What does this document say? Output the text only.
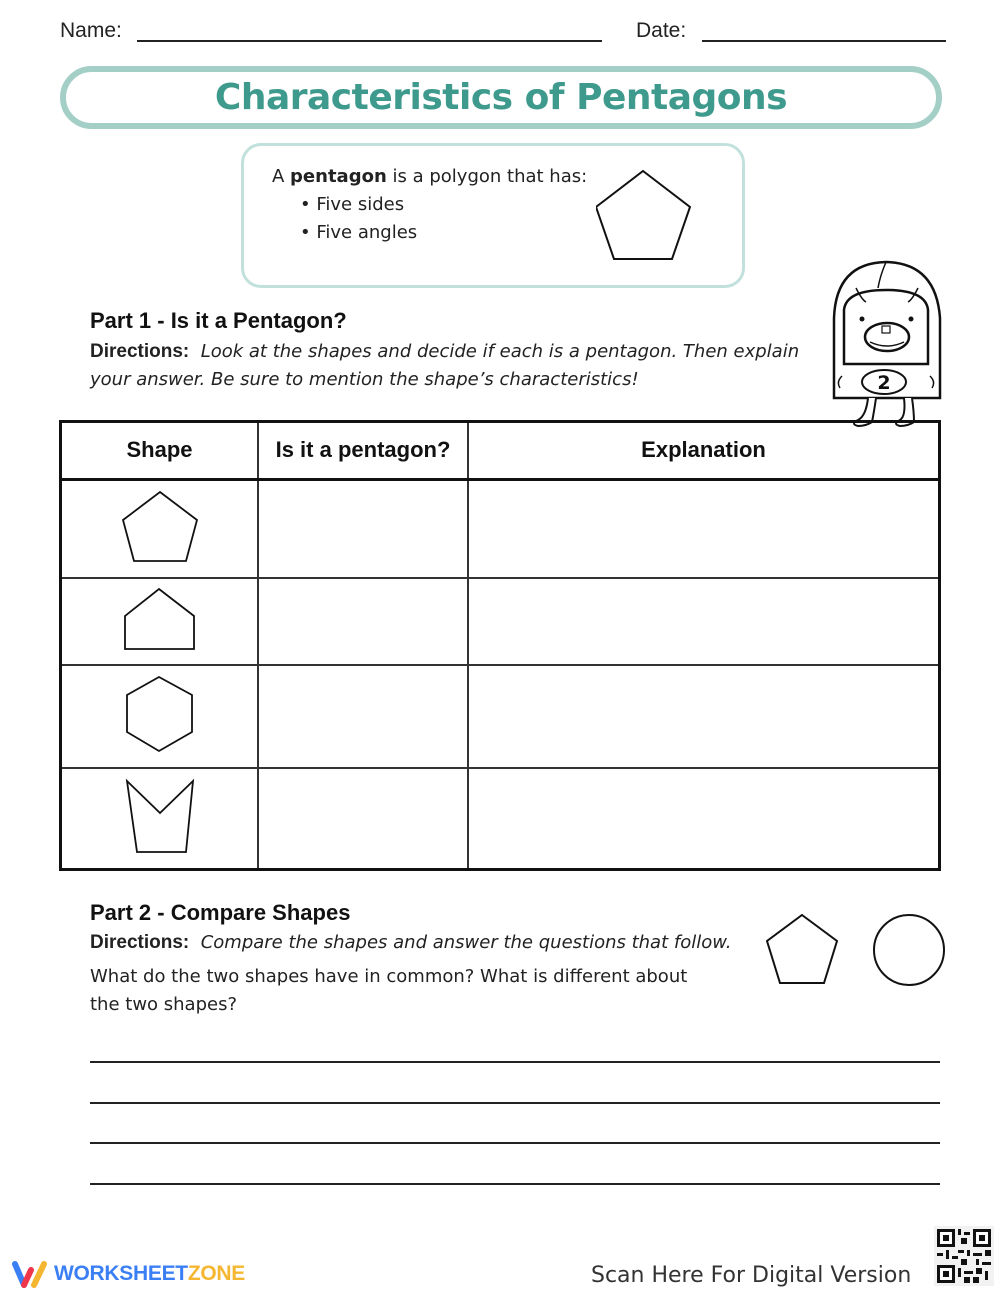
Name:	Date:
Characteristics of Pentagons
A pentagon is a polygon that has:
• Five sides
• Five angles
Part 1 - Is it a Pentagon?
Directions: Look at the shapes and decide if each is a pentagon. Then explain
your answer. Be sure to mention the shape’s characteristics!	2
Shape	Is it a pentagon?	Explanation

Part 2 - Compare Shapes
Directions: Compare the shapes and answer the questions that follow.
What do the two shapes have in common? What is different about
the two shapes?
WORKSHEET ZONE	Scan Here For Digital Version
